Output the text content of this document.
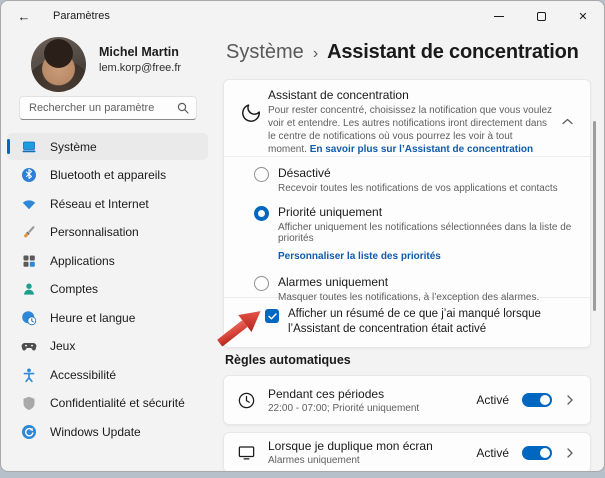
←	Paramètres	✕
Michel Martin
lem.korp@free.fr
Rechercher un paramètre
Système
Bluetooth et appareils
Réseau et Internet
Personnalisation
Applications
Comptes
Heure et langue
Jeux
Accessibilité
Confidentialité et sécurité
Windows Update
Système › Assistant de concentration
Assistant de concentration
Pour rester concentré, choisissez la notification que vous voulez voir et entendre. Les autres notifications iront directement dans le centre de notifications où vous pourrez les voir à tout moment. En savoir plus sur l’Assistant de concentration
Désactivé
Recevoir toutes les notifications de vos applications et contacts
Priorité uniquement
Afficher uniquement les notifications sélectionnées dans la liste de priorités
Personnaliser la liste des priorités
Alarmes uniquement
Masquer toutes les notifications, à l’exception des alarmes.
Afficher un résumé de ce que j’ai manqué lorsque l’Assistant de concentration était activé
Règles automatiques
Pendant ces périodes
22:00 - 07:00; Priorité uniquement
Activé
Lorsque je duplique mon écran
Alarmes uniquement
Activé
